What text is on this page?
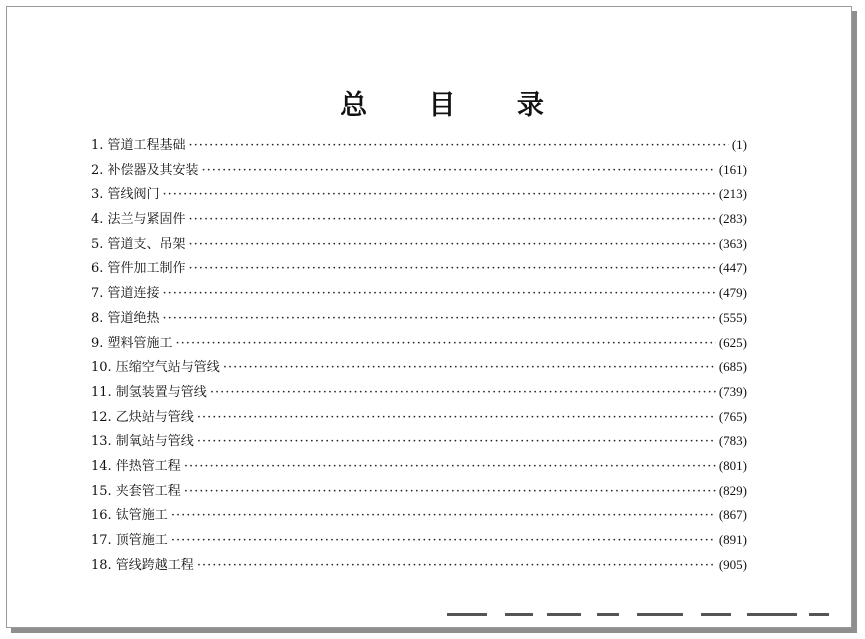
总 目 录
1. 管道工程基础 ·····	(1)
2. 补偿器及其安装 ·····	(161)
3. 管线阀门 ·····	(213)
4. 法兰与紧固件 ·····	(283)
5. 管道支、吊架 ·····	(363)
6. 管件加工制作 ·····	(447)
7. 管道连接 ·····	(479)
8. 管道绝热 ·····	(555)
9. 塑料管施工 ·····	(625)
10. 压缩空气站与管线 ·····	(685)
11. 制氢装置与管线 ·····	(739)
12. 乙炔站与管线 ·····	(765)
13. 制氧站与管线 ·····	(783)
14. 伴热管工程 ·····	(801)
15. 夹套管工程 ·····	(829)
16. 钛管施工 ·····	(867)
17. 顶管施工 ·····	(891)
18. 管线跨越工程 ·····	(905)
